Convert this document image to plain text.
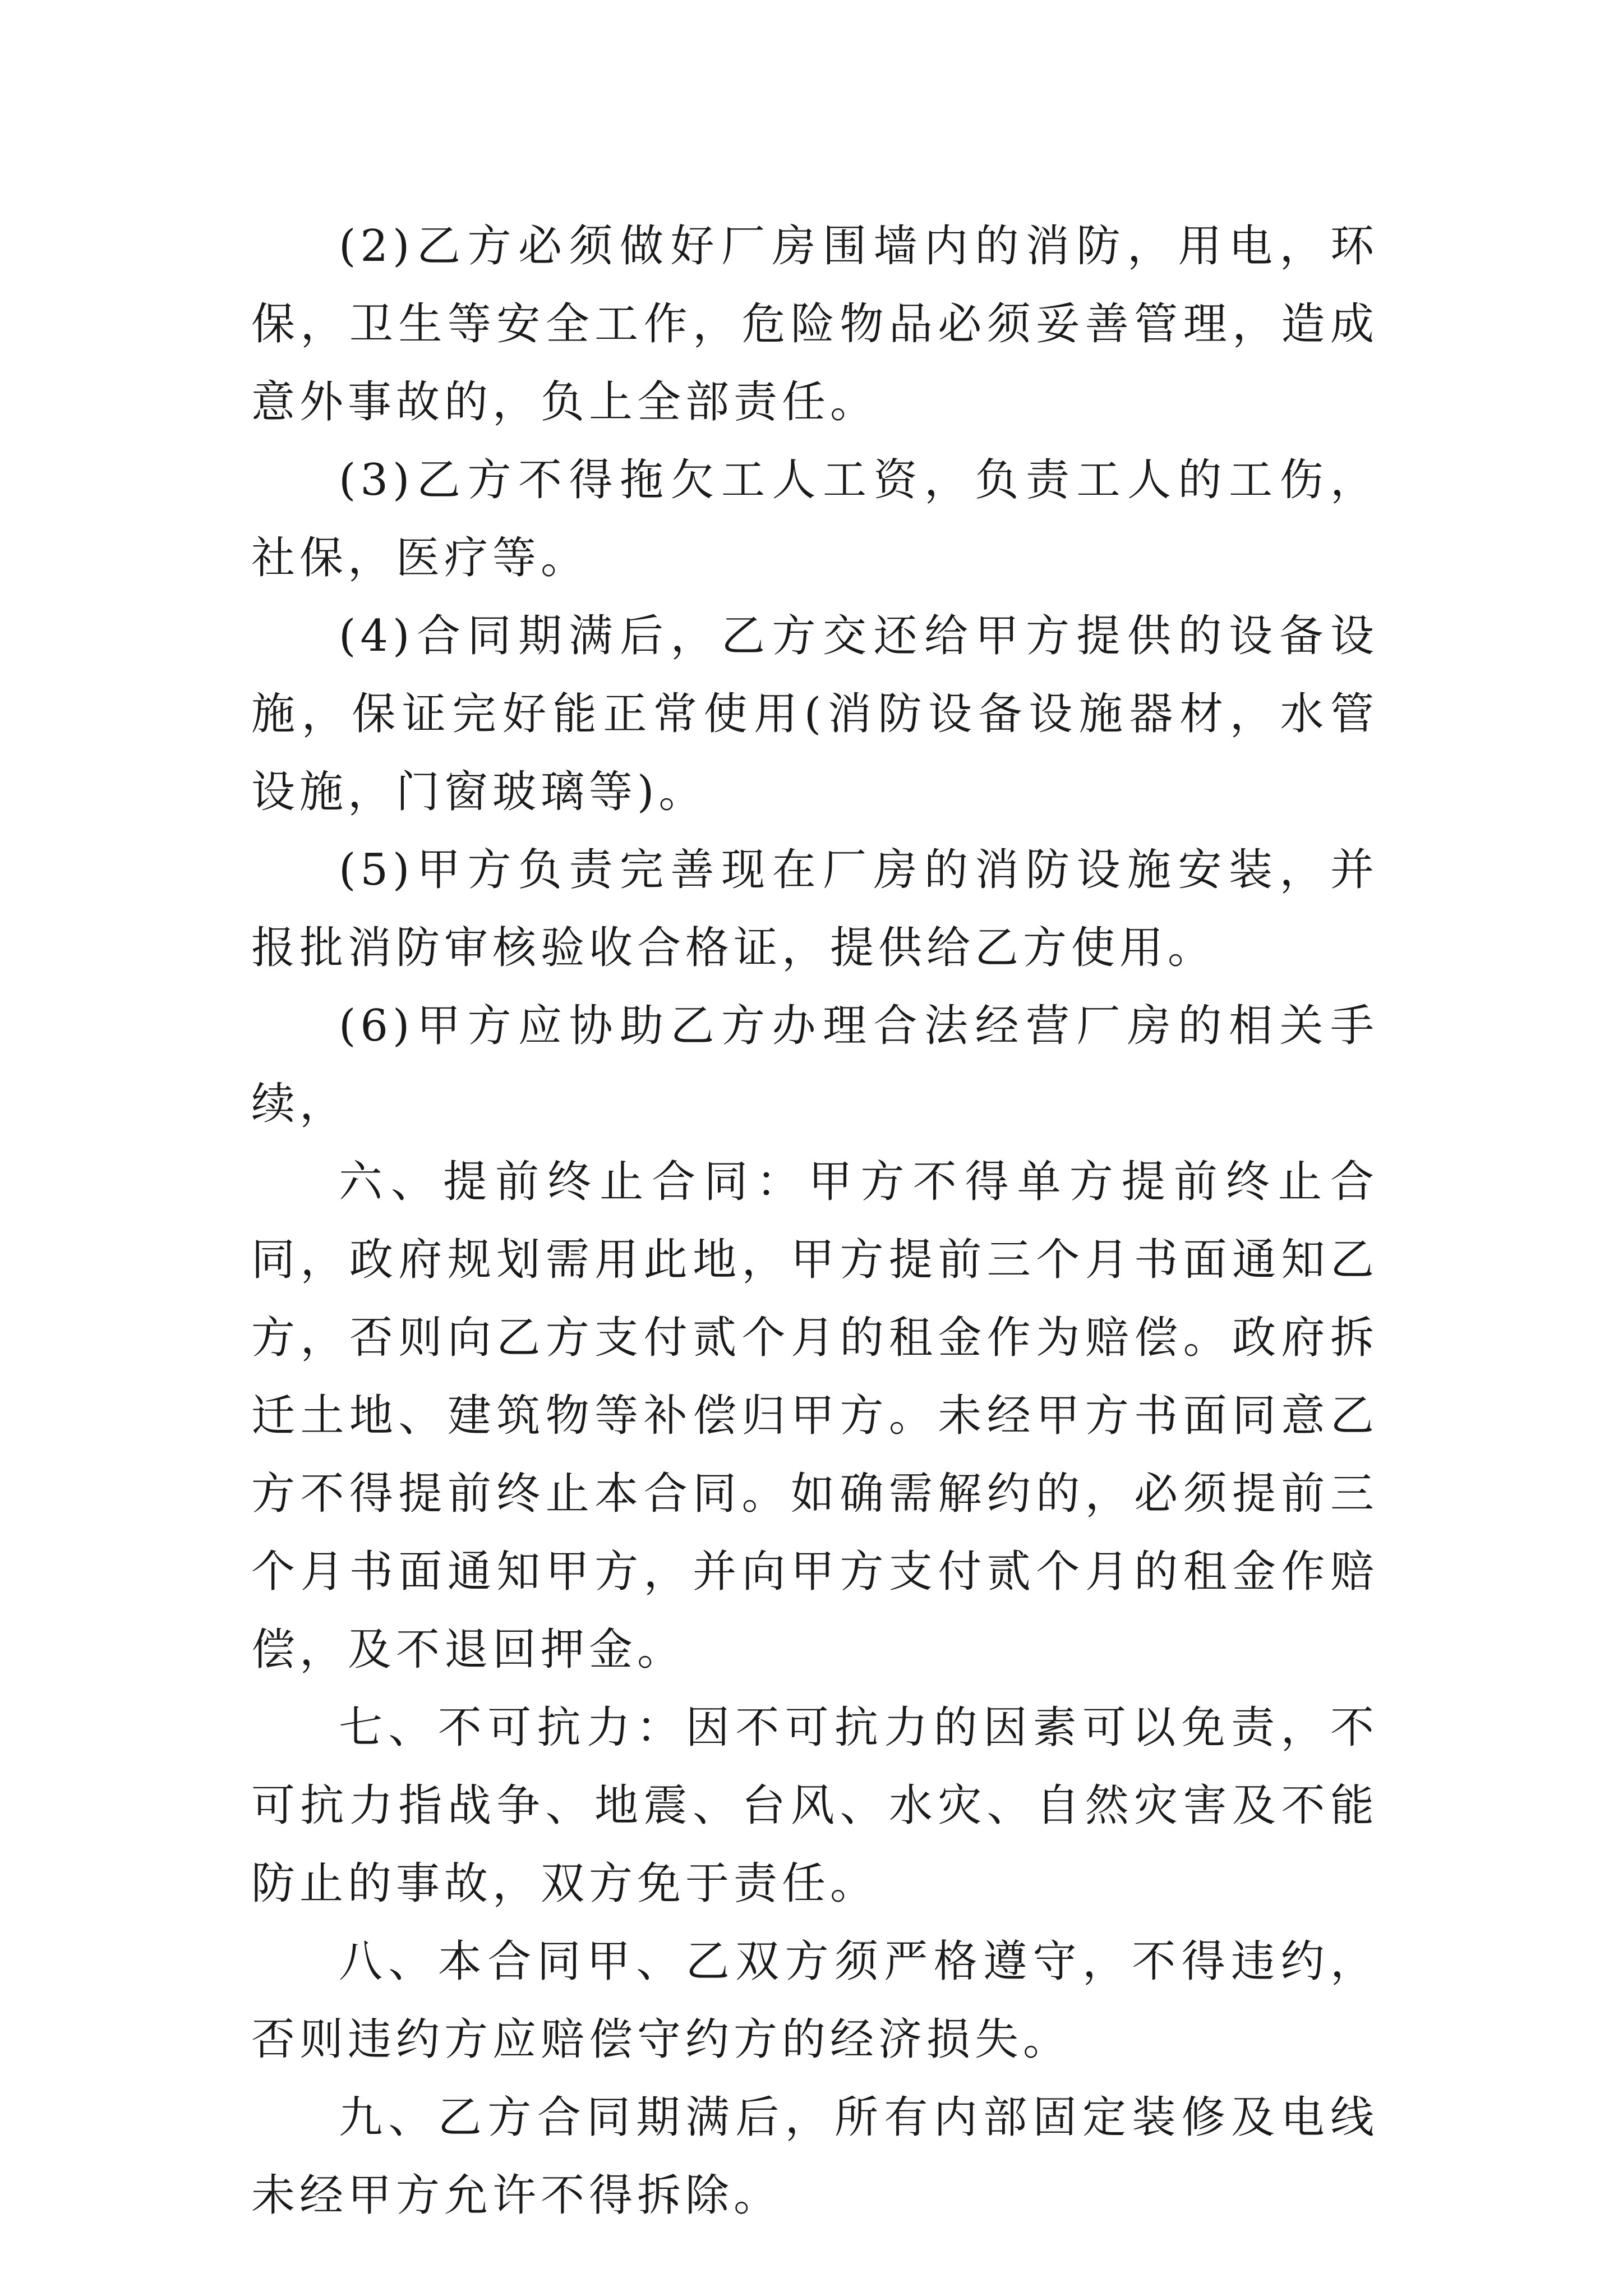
(2)乙方必须做好厂房围墙内的消防，用电，环保，卫生等安全工作，危险物品必须妥善管理，造成意外事故的，负上全部责任。

(3)乙方不得拖欠工人工资，负责工人的工伤，社保，医疗等。

(4)合同期满后，乙方交还给甲方提供的设备设施，保证完好能正常使用(消防设备设施器材，水管设施，门窗玻璃等)。

(5)甲方负责完善现在厂房的消防设施安装，并报批消防审核验收合格证，提供给乙方使用。

(6)甲方应协助乙方办理合法经营厂房的相关手续，

六、提前终止合同：甲方不得单方提前终止合同，政府规划需用此地，甲方提前三个月书面通知乙方，否则向乙方支付贰个月的租金作为赔偿。政府拆迁土地、建筑物等补偿归甲方。未经甲方书面同意乙方不得提前终止本合同。如确需解约的，必须提前三个月书面通知甲方，并向甲方支付贰个月的租金作赔偿，及不退回押金。

七、不可抗力：因不可抗力的因素可以免责，不可抗力指战争、地震、台风、水灾、自然灾害及不能防止的事故，双方免于责任。

八、本合同甲、乙双方须严格遵守，不得违约，否则违约方应赔偿守约方的经济损失。

九、乙方合同期满后，所有内部固定装修及电线未经甲方允许不得拆除。
